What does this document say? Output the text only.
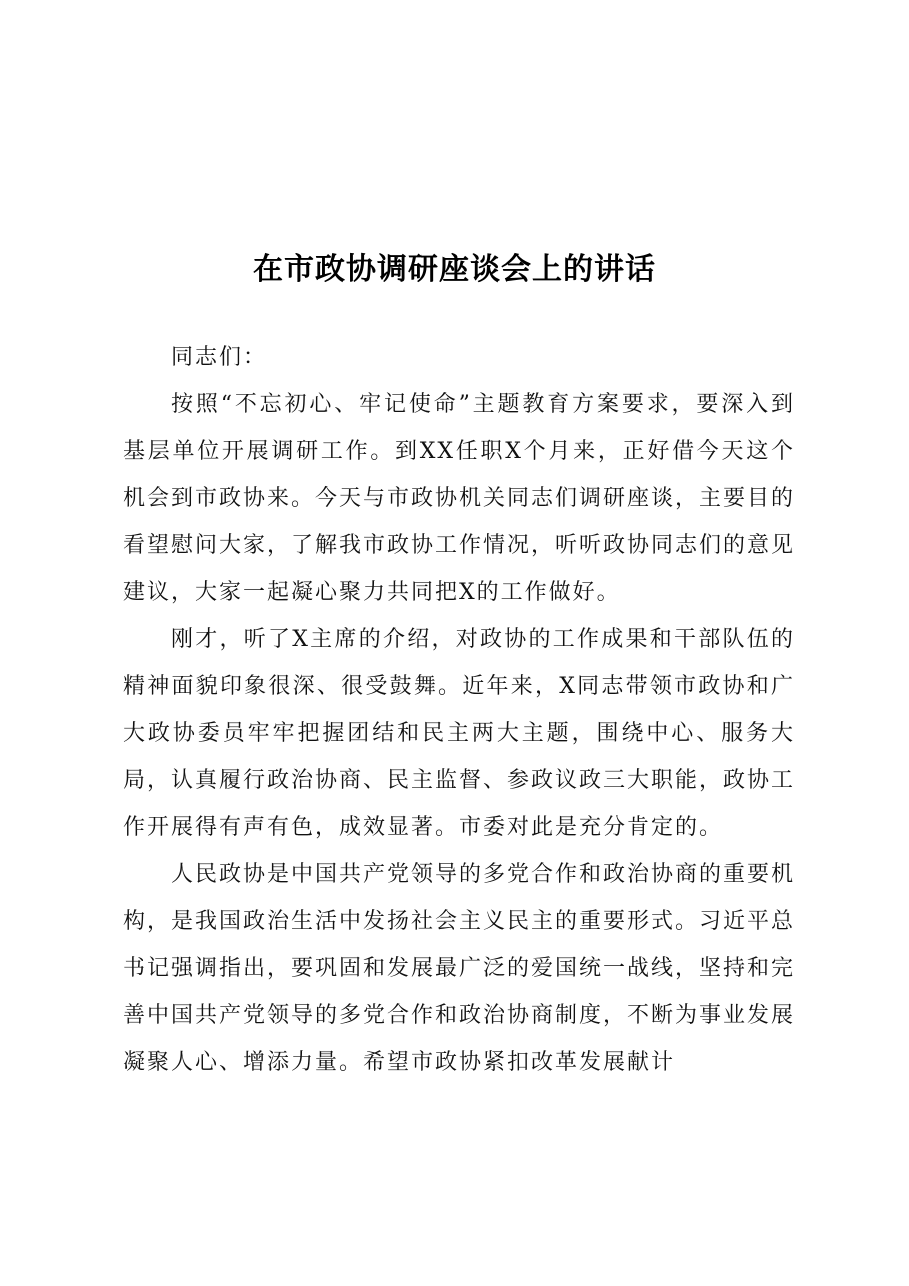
在市政协调研座谈会上的讲话

同志们：

按照“不忘初心、牢记使命”主题教育方案要求，要深入到基层单位开展调研工作。到XX任职X个月来，正好借今天这个机会到市政协来。今天与市政协机关同志们调研座谈，主要目的看望慰问大家，了解我市政协工作情况，听听政协同志们的意见建议，大家一起凝心聚力共同把X的工作做好。

刚才，听了X主席的介绍，对政协的工作成果和干部队伍的精神面貌印象很深、很受鼓舞。近年来，X同志带领市政协和广大政协委员牢牢把握团结和民主两大主题，围绕中心、服务大局，认真履行政治协商、民主监督、参政议政三大职能，政协工作开展得有声有色，成效显著。市委对此是充分肯定的。

人民政协是中国共产党领导的多党合作和政治协商的重要机构，是我国政治生活中发扬社会主义民主的重要形式。习近平总书记强调指出，要巩固和发展最广泛的爱国统一战线，坚持和完善中国共产党领导的多党合作和政治协商制度，不断为事业发展凝聚人心、增添力量。希望市政协紧扣改革发展献计
